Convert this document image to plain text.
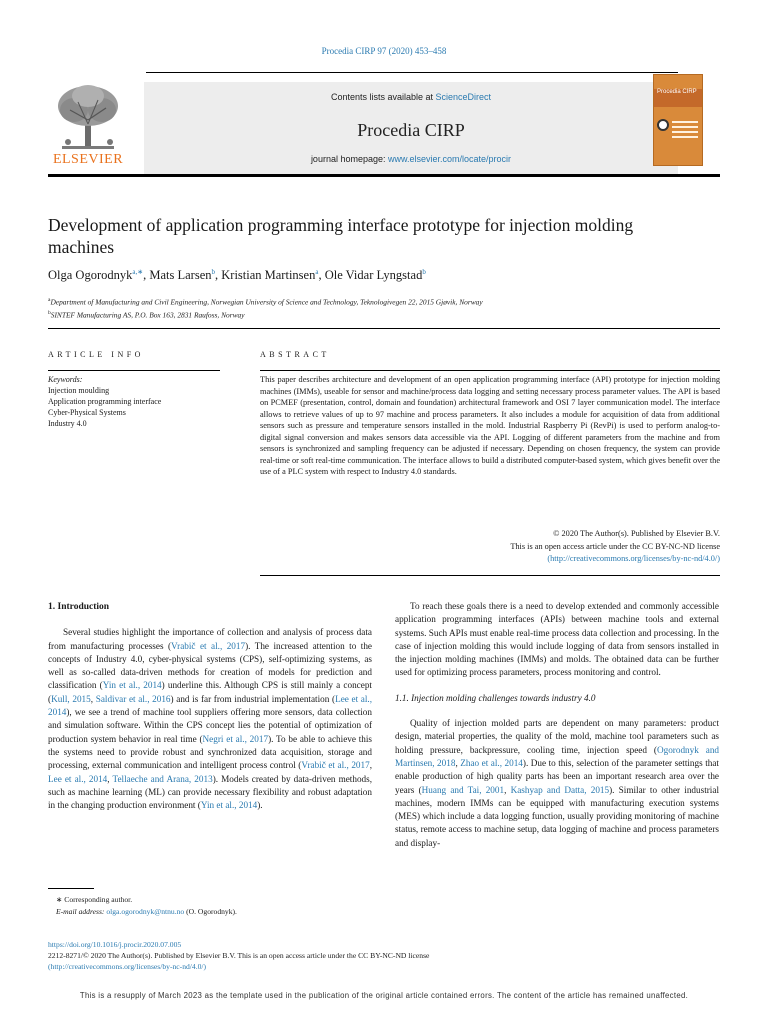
Procedia CIRP 97 (2020) 453–458
ELSEVIER
Contents lists available at ScienceDirect
Procedia CIRP
journal homepage: www.elsevier.com/locate/procir
Procedia CIRP
Development of application programming interface prototype for injection molding machines
Olga Ogorodnyk$^{a,∗}$, Mats Larsen$^b$, Kristian Martinsen$^a$, Ole Vidar Lyngstad$^b$
$^a$Department of Manufacturing and Civil Engineering, Norwegian University of Science and Technology, Teknologivegen 22, 2015 Gjøvik, Norway
$^b$SINTEF Manufacturing AS, P.O. Box 163, 2831 Raufoss, Norway
ARTICLE INFO
Keywords:
Injection moulding
Application programming interface
Cyber-Physical Systems
Industry 4.0
ABSTRACT
This paper describes architecture and development of an open application programming interface (API) prototype for injection molding machines (IMMs), useable for sensor and machine/process data logging and setting necessary process parameter values. The API is based on PCMEF (presentation, control, domain and foundation) architectural framework and OSI 7 layer communication model. The interface allows to retrieve values of up to 97 machine and process parameters. It also includes a module for acquisition of data from additional sensors such as pressure and temperature sensors installed in the mold. Industrial Raspberry Pi (RevPi) is used to perform analog-to-digital signal conversion and makes sensors data accessible via the API. Logging of different parameters from the machine and from sensors is synchronized and sampling frequency can be adjusted if necessary. Depending on chosen frequency, the system can provide real-time or soft real-time communication. The interface allows to build a distributed computer-based system, which gives benefit over the use of a PLC system with respect to Industry 4.0 standards.
© 2020 The Author(s). Published by Elsevier B.V.
This is an open access article under the CC BY-NC-ND license
(http://creativecommons.org/licenses/by-nc-nd/4.0/)
1. Introduction
Several studies highlight the importance of collection and analysis of process data from manufacturing processes (Vrabič et al., 2017). The increased attention to the concepts of Industry 4.0, cyber-physical systems (CPS), self-optimizing systems, as well as so-called data-driven methods for creation of models for prediction and classification (Yin et al., 2014) underline this. Although CPS is still mainly a concept (Kull, 2015, Saldivar et al., 2016) and is far from industrial implementation (Lee et al., 2014), we see a trend of machine tool suppliers offering more sensors, data collection and simulation software. Within the CPS concept lies the potential of optimization of production system behavior in real time (Negri et al., 2017). To be able to achieve this the systems need to provide robust and synchronized data acquisition, storage and processing, external communication and intelligent process control (Vrabič et al., 2017, Lee et al., 2014, Tellaeche and Arana, 2013). Models created by data-driven methods, such as machine learning (ML) can provide necessary flexibility and robust adaptation in the changing production environment (Yin et al., 2014).
To reach these goals there is a need to develop extended and commonly accessible application programming interfaces (APIs) between machine tools and external systems. Such APIs must enable real-time process data collection and processing. In the case of injection molding this would include logging of data from sensors installed in the injection molding machines (IMMs) and molds. The obtained data can be further used for optimizing process parameters, process monitoring and control.
1.1. Injection molding challenges towards industry 4.0
Quality of injection molded parts are dependent on many parameters: product design, material properties, the quality of the mold, machine tool parameters such as holding pressure, backpressure, cooling time, injection speed (Ogorodnyk and Martinsen, 2018, Zhao et al., 2014). Due to this, selection of the parameter settings that enable production of high quality parts has been an important research area over the years (Huang and Tai, 2001, Kashyap and Datta, 2015). Similar to other industrial machines, modern IMMs can be equipped with manufacturing execution systems (MES) which include a data logging function, usually providing monitoring of machine status, remote access to machine setup, data logging of machine and process parameters and display-
∗ Corresponding author.
E-mail address: olga.ogorodnyk@ntnu.no (O. Ogorodnyk).
https://doi.org/10.1016/j.procir.2020.07.005
2212-8271/© 2020 The Author(s). Published by Elsevier B.V. This is an open access article under the CC BY-NC-ND license
(http://creativecommons.org/licenses/by-nc-nd/4.0/)
This is a resupply of March 2023 as the template used in the publication of the original article contained errors. The content of the article has remained unaffected.
